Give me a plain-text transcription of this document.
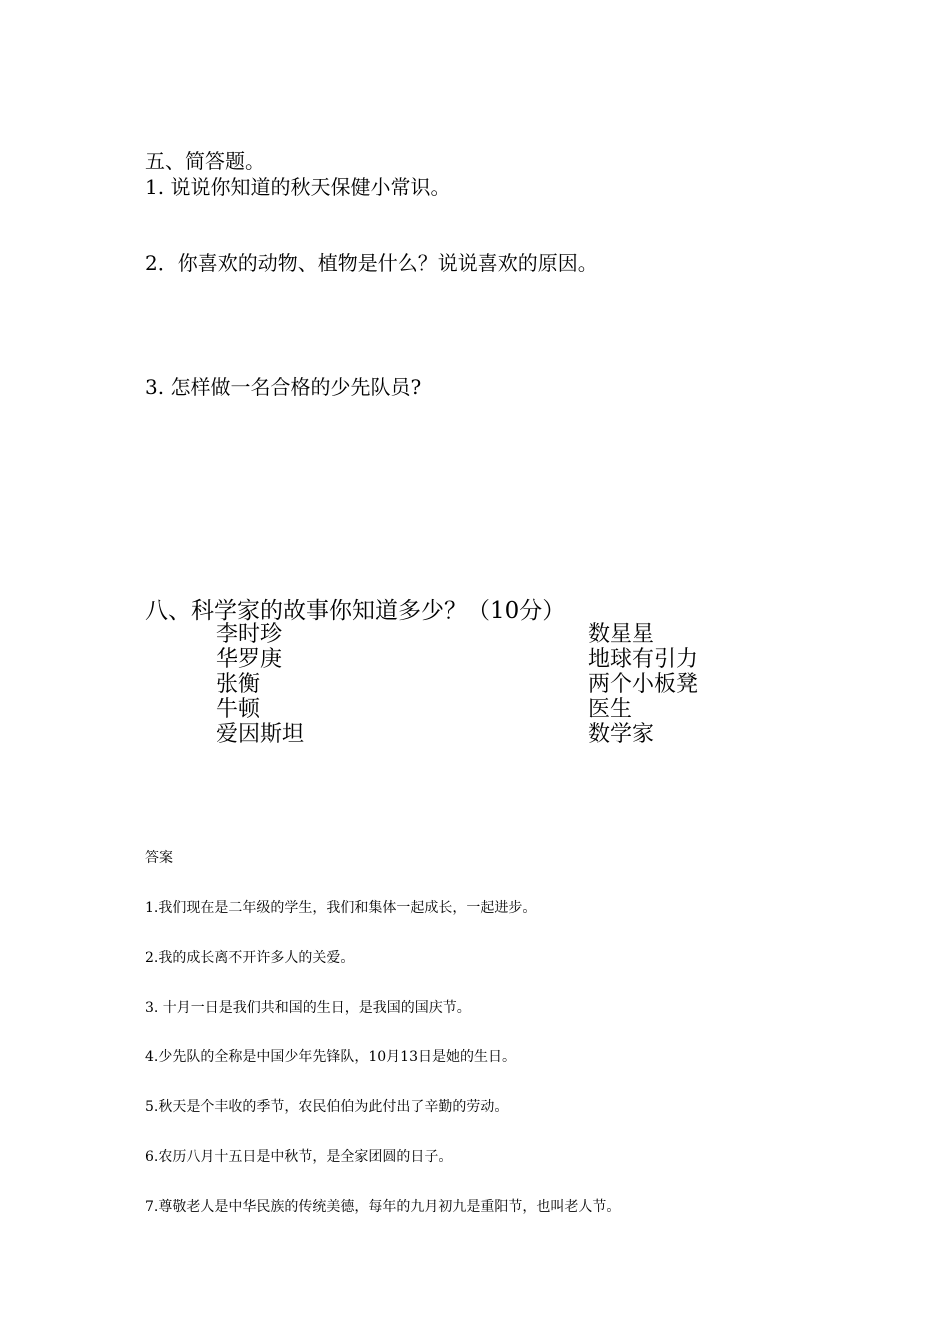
五、简答题。
1. 说说你知道的秋天保健小常识。
2．你喜欢的动物、植物是什么？说说喜欢的原因。
3. 怎样做一名合格的少先队员?
八、科学家的故事你知道多少？（10分）
李时珍
华罗庚
张衡
牛顿
爱因斯坦
数星星
地球有引力
两个小板凳
医生
数学家
答案
1.我们现在是二年级的学生，我们和集体一起成长，一起进步。
2.我的成长离不开许多人的关爱。
3. 十月一日是我们共和国的生日，是我国的国庆节。
4.少先队的全称是中国少年先锋队，10月13日是她的生日。
5.秋天是个丰收的季节，农民伯伯为此付出了辛勤的劳动。
6.农历八月十五日是中秋节，是全家团圆的日子。
7.尊敬老人是中华民族的传统美德，每年的九月初九是重阳节，也叫老人节。
